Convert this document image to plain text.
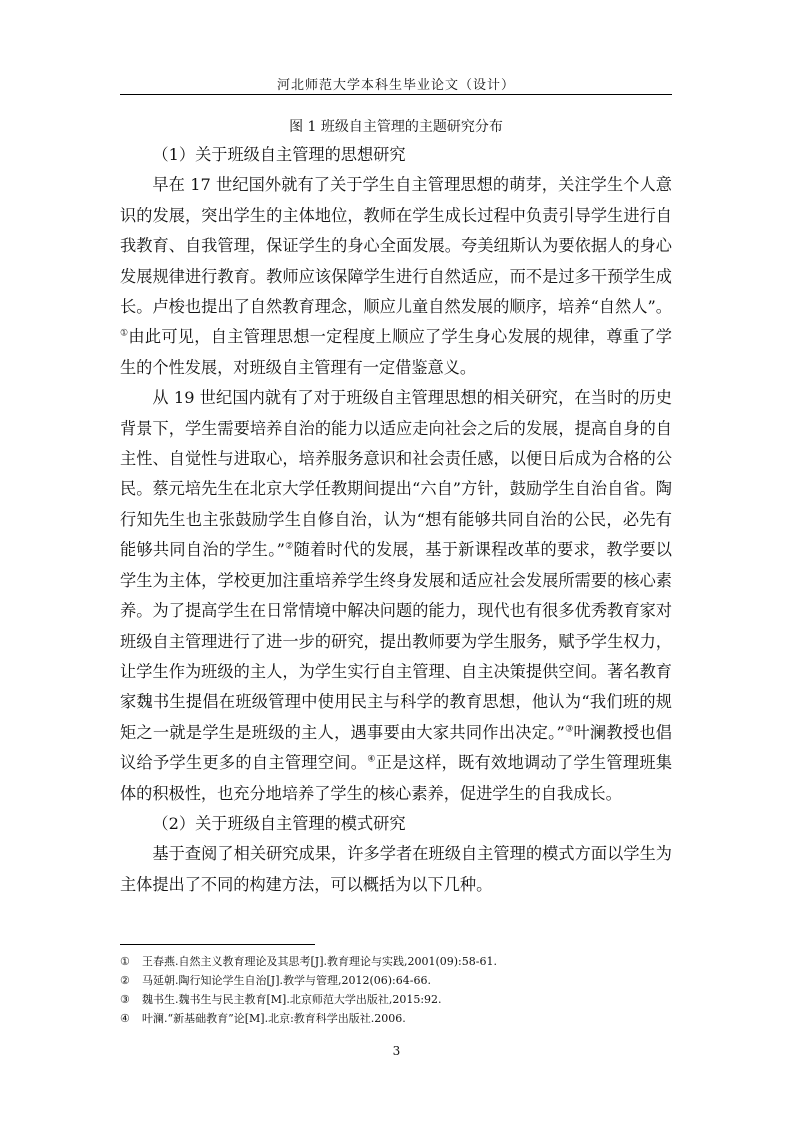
河北师范大学本科生毕业论文（设计）
图 1 班级自主管理的主题研究分布

（1）关于班级自主管理的思想研究

早在 17 世纪国外就有了关于学生自主管理思想的萌芽，关注学生个人意识的发展，突出学生的主体地位，教师在学生成长过程中负责引导学生进行自我教育、自我管理，保证学生的身心全面发展。夸美纽斯认为要依据人的身心发展规律进行教育。教师应该保障学生进行自然适应，而不是过多干预学生成长。卢梭也提出了自然教育理念，顺应儿童自然发展的顺序，培养“自然人”。①由此可见，自主管理思想一定程度上顺应了学生身心发展的规律，尊重了学生的个性发展，对班级自主管理有一定借鉴意义。

从 19 世纪国内就有了对于班级自主管理思想的相关研究，在当时的历史背景下，学生需要培养自治的能力以适应走向社会之后的发展，提高自身的自主性、自觉性与进取心，培养服务意识和社会责任感，以便日后成为合格的公民。蔡元培先生在北京大学任教期间提出“六自”方针，鼓励学生自治自省。陶行知先生也主张鼓励学生自修自治，认为“想有能够共同自治的公民，必先有能够共同自治的学生。”②随着时代的发展，基于新课程改革的要求，教学要以学生为主体，学校更加注重培养学生终身发展和适应社会发展所需要的核心素养。为了提高学生在日常情境中解决问题的能力，现代也有很多优秀教育家对班级自主管理进行了进一步的研究，提出教师要为学生服务，赋予学生权力，让学生作为班级的主人，为学生实行自主管理、自主决策提供空间。著名教育家魏书生提倡在班级管理中使用民主与科学的教育思想，他认为“我们班的规矩之一就是学生是班级的主人，遇事要由大家共同作出决定。”③叶澜教授也倡议给予学生更多的自主管理空间。④正是这样，既有效地调动了学生管理班集体的积极性，也充分地培养了学生的核心素养，促进学生的自我成长。

（2）关于班级自主管理的模式研究

基于查阅了相关研究成果，许多学者在班级自主管理的模式方面以学生为主体提出了不同的构建方法，可以概括为以下几种。

① 王春燕.自然主义教育理论及其思考[J].教育理论与实践,2001(09):58-61.
② 马延朝.陶行知论学生自治[J].教学与管理,2012(06):64-66.
③ 魏书生.魏书生与民主教育[M].北京师范大学出版社,2015:92.
④ 叶澜.“新基础教育”论[M].北京:教育科学出版社.2006.
3
